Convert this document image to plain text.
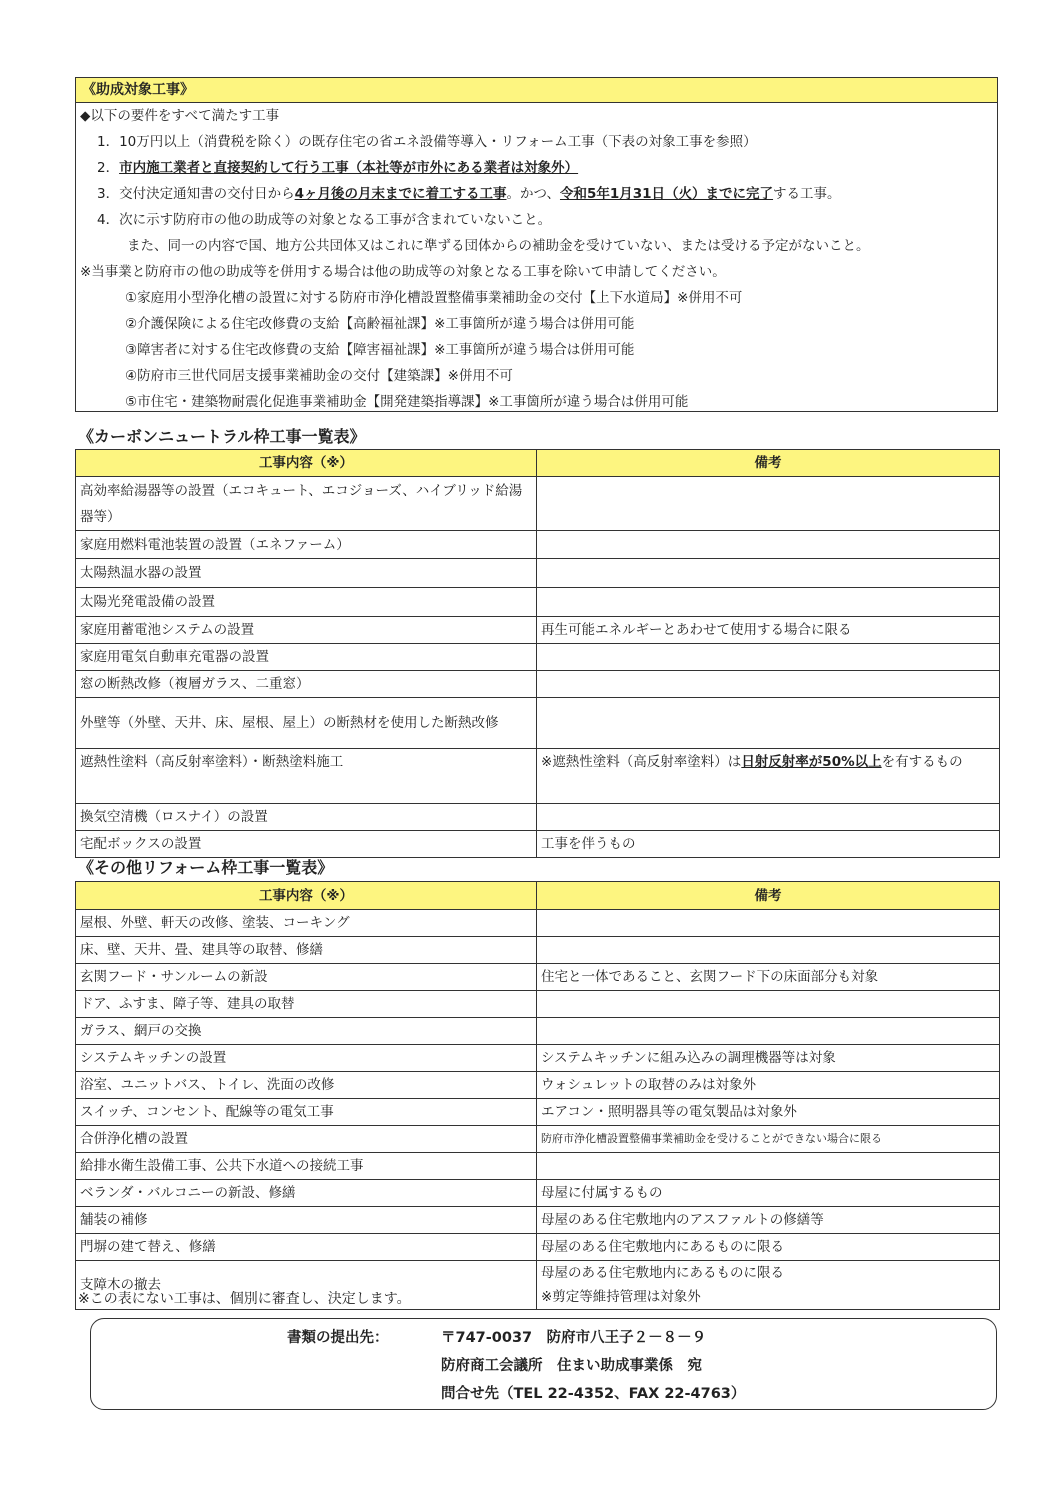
《助成対象工事》
◆以下の要件をすべて満たす工事
1．10万円以上（消費税を除く）の既存住宅の省エネ設備等導入・リフォーム工事（下表の対象工事を参照）
2．市内施工業者と直接契約して行う工事（本社等が市外にある業者は対象外）
3．交付決定通知書の交付日から4ヶ月後の月末までに着工する工事。かつ、令和5年1月31日（火）までに完了する工事。
4．次に示す防府市の他の助成等の対象となる工事が含まれていないこと。
また、同一の内容で国、地方公共団体又はこれに準ずる団体からの補助金を受けていない、または受ける予定がないこと。
※当事業と防府市の他の助成等を併用する場合は他の助成等の対象となる工事を除いて申請してください。
①家庭用小型浄化槽の設置に対する防府市浄化槽設置整備事業補助金の交付【上下水道局】※併用不可
②介護保険による住宅改修費の支給【高齢福祉課】※工事箇所が違う場合は併用可能
③障害者に対する住宅改修費の支給【障害福祉課】※工事箇所が違う場合は併用可能
④防府市三世代同居支援事業補助金の交付【建築課】※併用不可
⑤市住宅・建築物耐震化促進事業補助金【開発建築指導課】※工事箇所が違う場合は併用可能
《カーボンニュートラル枠工事一覧表》
工事内容（※）	備考
高効率給湯器等の設置（エコキュート、エコジョーズ、ハイブリッド給湯器等）	
家庭用燃料電池装置の設置（エネファーム）	
太陽熱温水器の設置	
太陽光発電設備の設置	
家庭用蓄電池システムの設置	再生可能エネルギーとあわせて使用する場合に限る
家庭用電気自動車充電器の設置	
窓の断熱改修（複層ガラス、二重窓）	
外壁等（外壁、天井、床、屋根、屋上）の断熱材を使用した断熱改修	
遮熱性塗料（高反射率塗料）・断熱塗料施工	※遮熱性塗料（高反射率塗料）は日射反射率が50%以上を有するもの
換気空清機（ロスナイ）の設置	
宅配ボックスの設置	工事を伴うもの
《その他リフォーム枠工事一覧表》
工事内容（※）	備考
屋根、外壁、軒天の改修、塗装、コーキング	
床、壁、天井、畳、建具等の取替、修繕	
玄関フード・サンルームの新設	住宅と一体であること、玄関フード下の床面部分も対象
ドア、ふすま、障子等、建具の取替	
ガラス、網戸の交換	
システムキッチンの設置	システムキッチンに組み込みの調理機器等は対象
浴室、ユニットバス、トイレ、洗面の改修	ウォシュレットの取替のみは対象外
スイッチ、コンセント、配線等の電気工事	エアコン・照明器具等の電気製品は対象外
合併浄化槽の設置	防府市浄化槽設置整備事業補助金を受けることができない場合に限る
給排水衛生設備工事、公共下水道への接続工事	
ベランダ・バルコニーの新設、修繕	母屋に付属するもの
舗装の補修	母屋のある住宅敷地内のアスファルトの修繕等
門塀の建て替え、修繕	母屋のある住宅敷地内にあるものに限る
支障木の撤去	母屋のある住宅敷地内にあるものに限る
※剪定等維持管理は対象外
※この表にない工事は、個別に審査し、決定します。
書類の提出先：	〒747-0037　防府市八王子２－８－９
防府商工会議所　住まい助成事業係　宛
問合せ先（TEL 22-4352、FAX 22-4763）
